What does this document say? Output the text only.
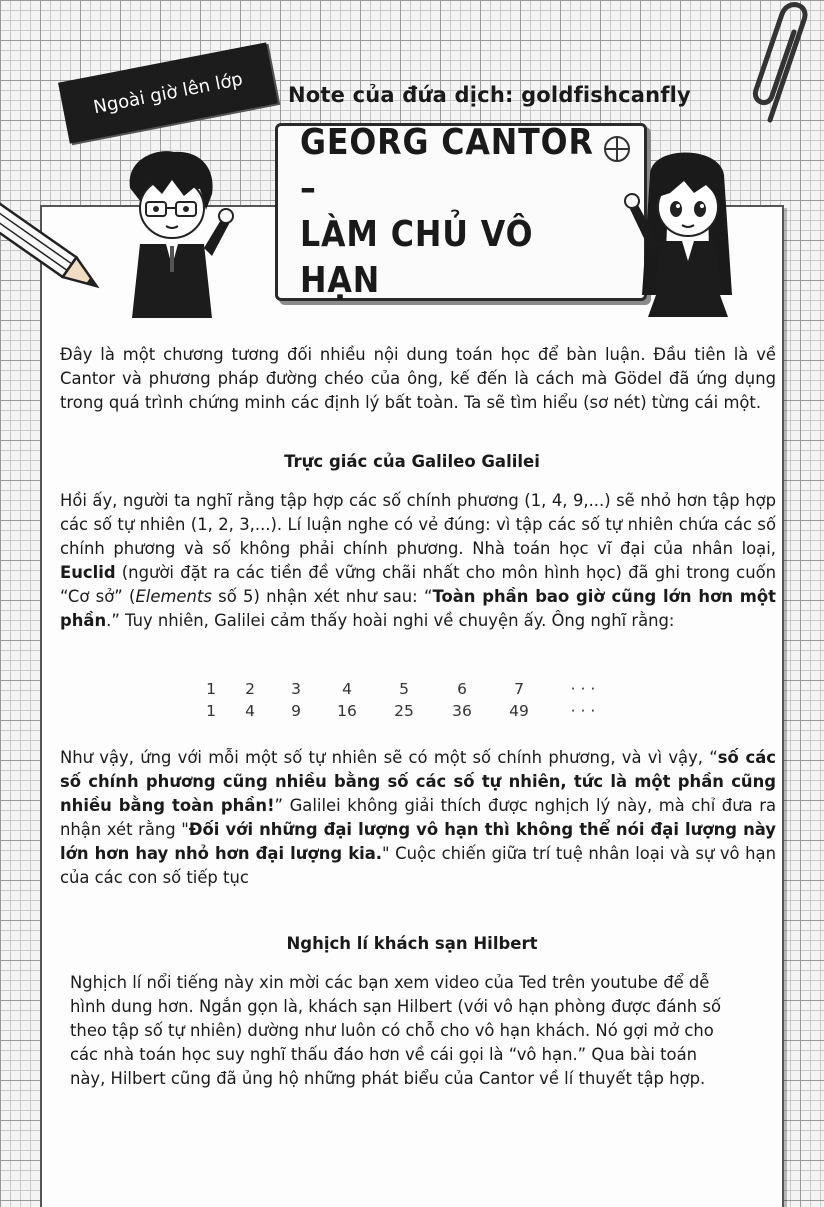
Ngoài giờ lên lớp Note của đứa dịch: goldfishcanfly
GEORG CANTOR –
LÀM CHỦ VÔ HẠN
Đây là một chương tương đối nhiều nội dung toán học để bàn luận. Đầu tiên là về Cantor và phương pháp đường chéo của ông, kế đến là cách mà Gödel đã ứng dụng trong quá trình chứng minh các định lý bất toàn. Ta sẽ tìm hiểu (sơ nét) từng cái một.
Trực giác của Galileo Galilei
Hồi ấy, người ta nghĩ rằng tập hợp các số chính phương (1, 4, 9,...) sẽ nhỏ hơn tập hợp các số tự nhiên (1, 2, 3,...). Lí luận nghe có vẻ đúng: vì tập các số tự nhiên chứa các số chính phương và số không phải chính phương. Nhà toán học vĩ đại của nhân loại, Euclid (người đặt ra các tiền đề vững chãi nhất cho môn hình học) đã ghi trong cuốn “Cơ sở” (Elements số 5) nhận xét như sau: “Toàn phần bao giờ cũng lớn hơn một phần.” Tuy nhiên, Galilei cảm thấy hoài nghi về chuyện ấy. Ông nghĩ rằng:
1 2 3	4	5	6	7	· · ·
1 4 9 16 25 36 49	· · ·
Như vậy, ứng với mỗi một số tự nhiên sẽ có một số chính phương, và vì vậy, “số các số chính phương cũng nhiều bằng số các số tự nhiên, tức là một phần cũng nhiều bằng toàn phần!” Galilei không giải thích được nghịch lý này, mà chỉ đưa ra nhận xét rằng "Đối với những đại lượng vô hạn thì không thể nói đại lượng này lớn hơn hay nhỏ hơn đại lượng kia." Cuộc chiến giữa trí tuệ nhân loại và sự vô hạn của các con số tiếp tục
Nghịch lí khách sạn Hilbert
Nghịch lí nổi tiếng này xin mời các bạn xem video của Ted trên youtube để dễ hình dung hơn. Ngắn gọn là, khách sạn Hilbert (với vô hạn phòng được đánh số theo tập số tự nhiên) dường như luôn có chỗ cho vô hạn khách. Nó gợi mở cho các nhà toán học suy nghĩ thấu đáo hơn về cái gọi là “vô hạn.” Qua bài toán này, Hilbert cũng đã ủng hộ những phát biểu của Cantor về lí thuyết tập hợp.
